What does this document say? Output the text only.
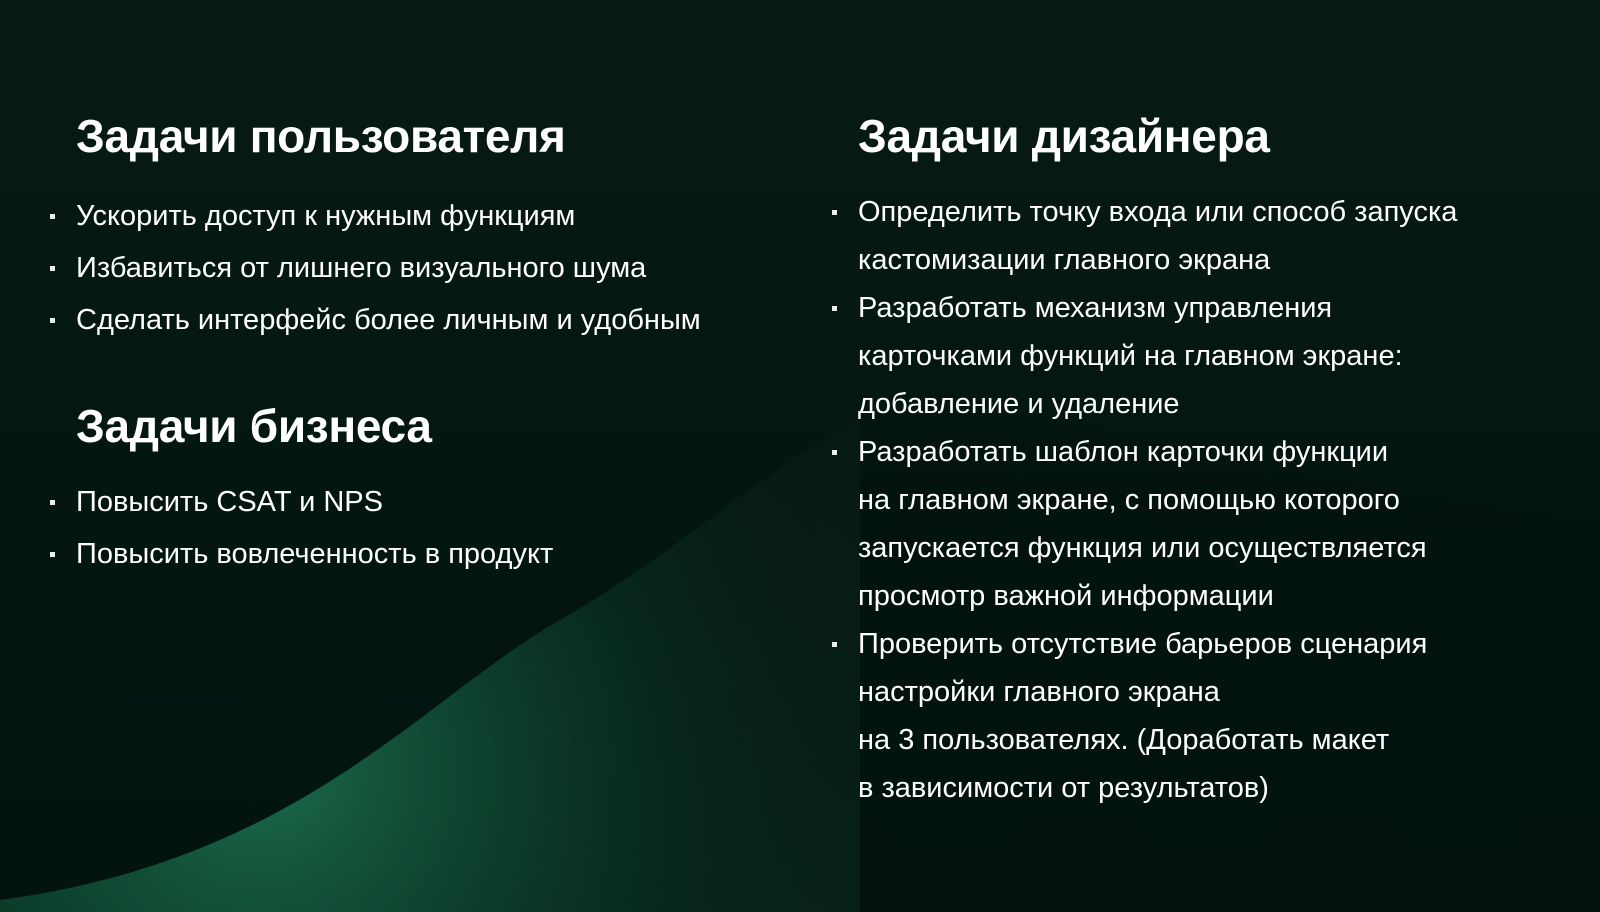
Задачи пользователя
Ускорить доступ к нужным функциям
Избавиться от лишнего визуального шума
Сделать интерфейс более личным и удобным
Задачи бизнеса
Повысить CSAT и NPS
Повысить вовлеченность в продукт
Задачи дизайнера
Определить точку входа или способ запуска
кастомизации главного экрана
Разработать механизм управления
карточками функций на главном экране:
добавление и удаление
Разработать шаблон карточки функции
на главном экране, с помощью которого
запускается функция или осуществляется
просмотр важной информации
Проверить отсутствие барьеров сценария
настройки главного экрана
на 3 пользователях. (Доработать макет
в зависимости от результатов)
